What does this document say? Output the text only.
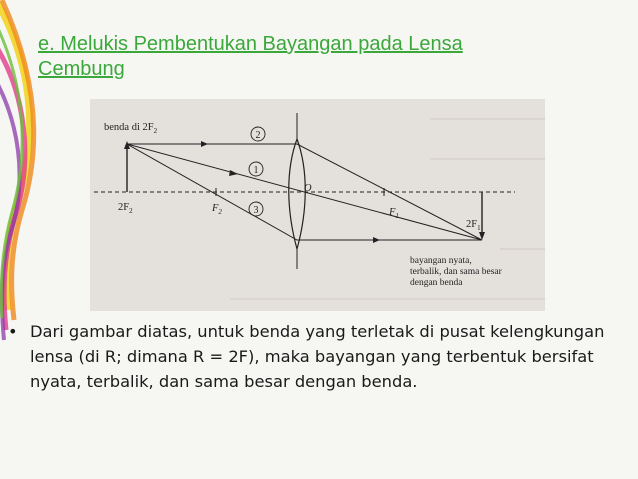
e. Melukis Pembentukan Bayangan pada Lensa
Cembung
2
1
3
benda di $2F_2$
$2F_2$	$F_2$
O
$F_1$
$2F_1$
bayangan nyata,
terbalik, dan sama besar
dengan benda
• Dari gambar diatas, untuk benda yang terletak di pusat kelengkungan lensa (di R; dimana R = 2F), maka bayangan yang terbentuk bersifat nyata, terbalik, dan sama besar dengan benda.
